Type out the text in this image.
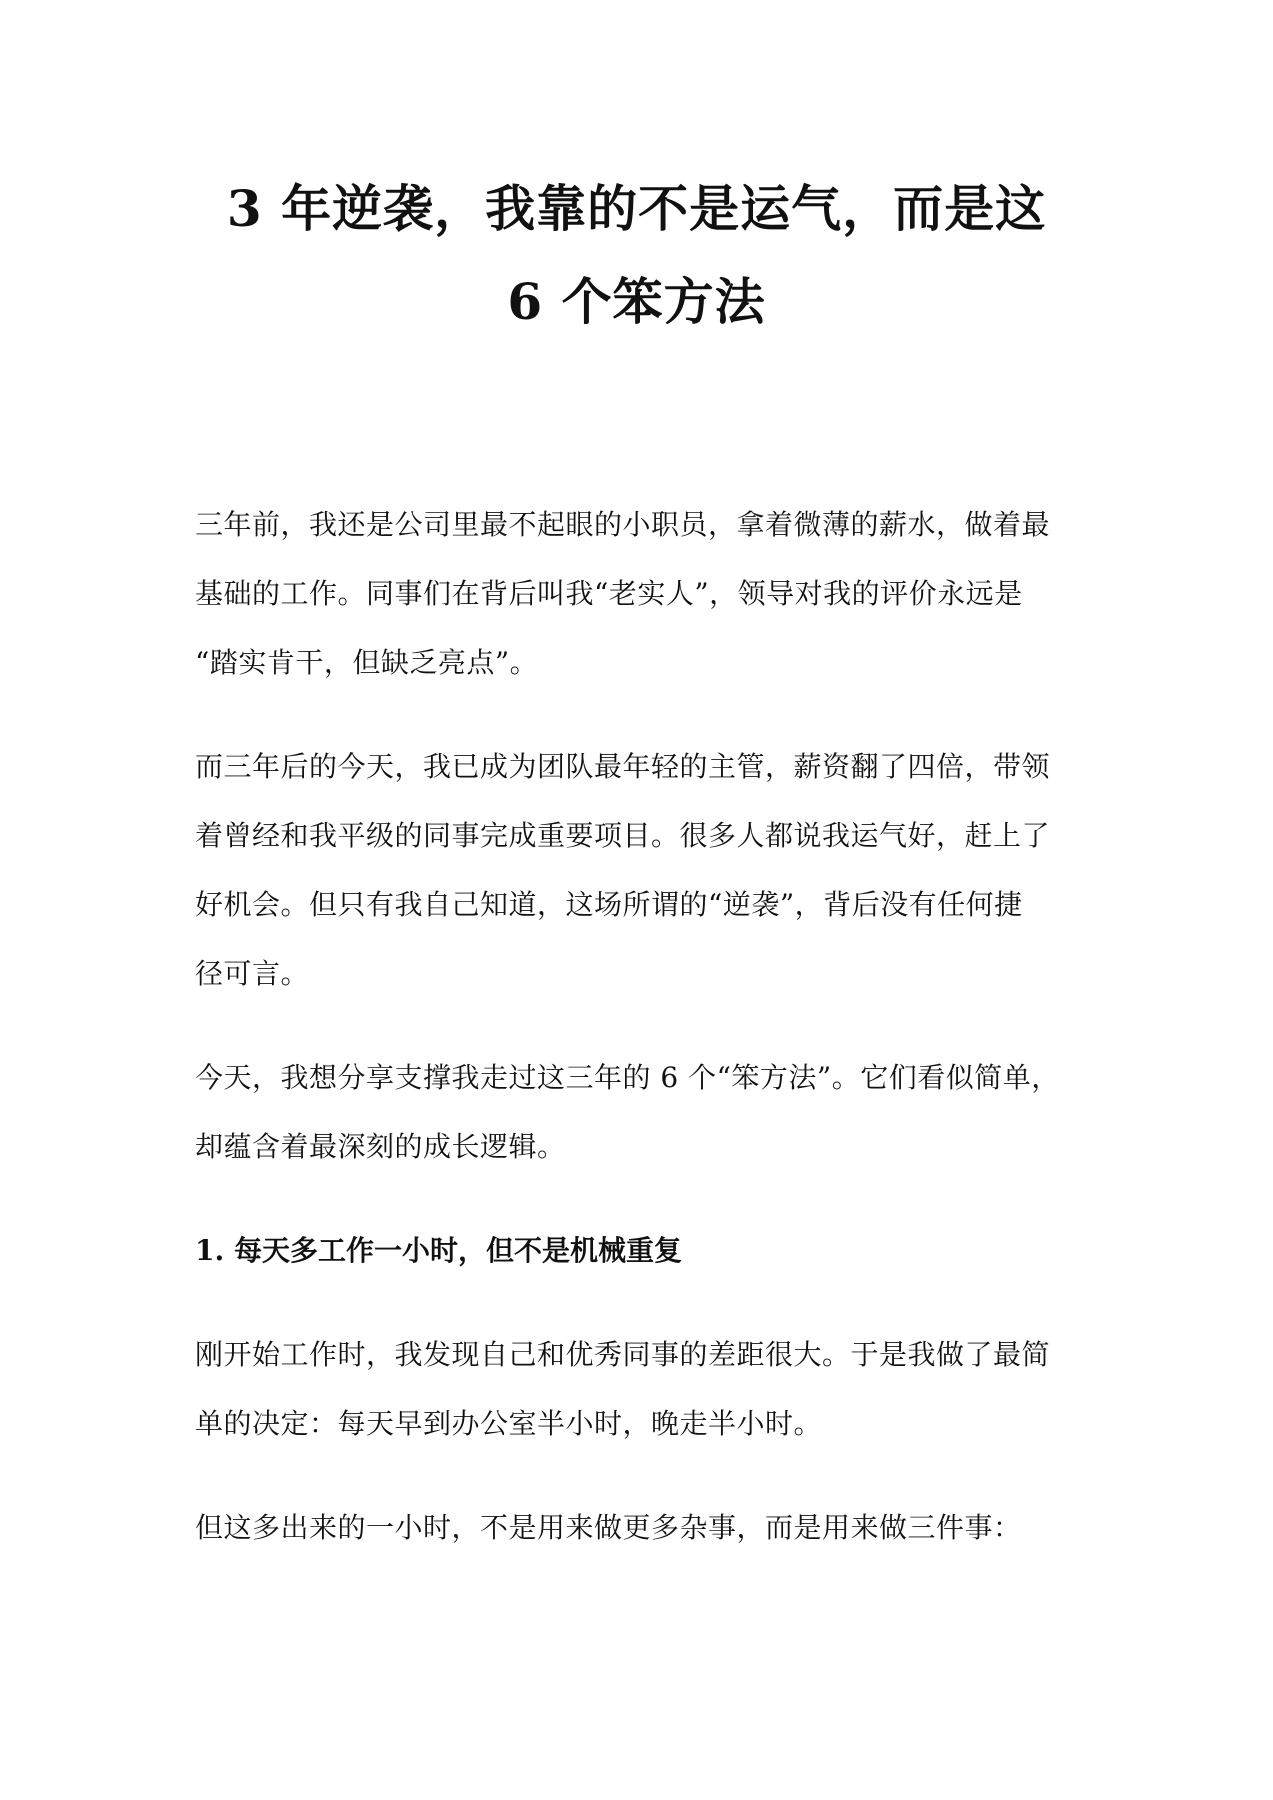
3 年逆袭，我靠的不是运气，而是这
6 个笨方法

三年前，我还是公司里最不起眼的小职员，拿着微薄的薪水，做着最
基础的工作。同事们在背后叫我“老实人”，领导对我的评价永远是
“踏实肯干，但缺乏亮点”。

而三年后的今天，我已成为团队最年轻的主管，薪资翻了四倍，带领
着曾经和我平级的同事完成重要项目。很多人都说我运气好，赶上了
好机会。但只有我自己知道，这场所谓的“逆袭”，背后没有任何捷
径可言。

今天，我想分享支撑我走过这三年的 6 个“笨方法”。它们看似简单，
却蕴含着最深刻的成长逻辑。

1. 每天多工作一小时，但不是机械重复

刚开始工作时，我发现自己和优秀同事的差距很大。于是我做了最简
单的决定：每天早到办公室半小时，晚走半小时。

但这多出来的一小时，不是用来做更多杂事，而是用来做三件事：
